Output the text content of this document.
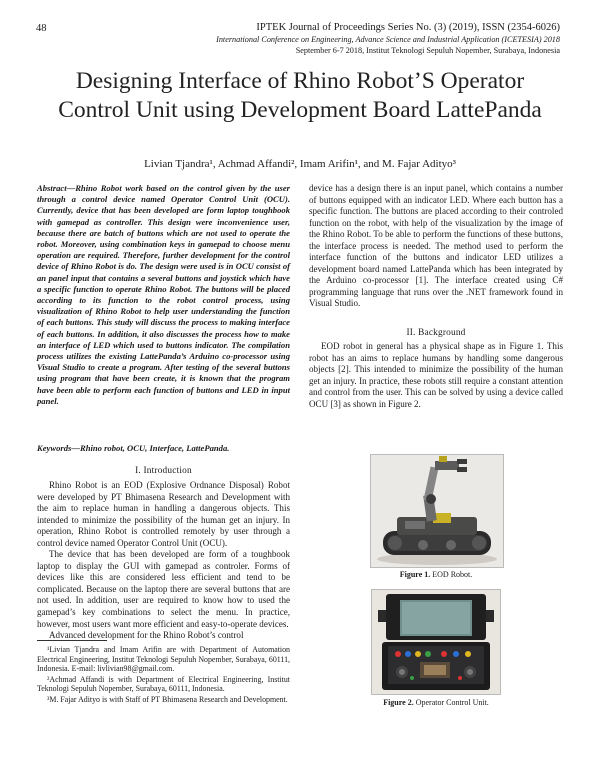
48	IPTEK Journal of Proceedings Series No. (3) (2019), ISSN (2354-6026)
International Conference on Engineering, Advance Science and Industrial Application (ICETESIA) 2018
September 6-7 2018, Institut Teknologi Sepuluh Nopember, Surabaya, Indonesia
Designing Interface of Rhino Robot’S Operator Control Unit using Development Board LattePanda
Livian Tjandra¹, Achmad Affandi², Imam Arifin¹, and M. Fajar Adityo³
Abstract—Rhino Robot work based on the control given by the user through a control device named Operator Control Unit (OCU). Currently, device that has been developed are form laptop toughbook with gamepad as controller. This design were inconvenience user, because there are batch of buttons which are not used to operate the robot. Moreover, using combination keys in gamepad to choose menu operation are required. Therefore, further development for the control device of Rhino Robot is do. The design were used is in OCU consist of an panel input that contains a several buttons and joystick which have a specific function to operate Rhino Robot. The buttons will be placed according to its function to the robot control process, using visualization of Rhino Robot to help user understanding the function of each buttons. This study will discuss the process to making interface of each buttons. In addition, it also discusses the process how to make an interface of LED which used to buttons indicator. The compilation process utilizes the existing LattePanda’s Arduino co-processor using Visual Studio to create a program. After testing of the several buttons using program that have been create, it is known that the program have been able to perform each function of buttons and LED in input panel.
Keywords—Rhino robot, OCU, Interface, LattePanda.
I. Introduction

Rhino Robot is an EOD (Explosive Ordnance Disposal) Robot were developed by PT Bhimasena Research and Development with the aim to replace human in handling a dangerous objects. This intended to minimize the possibility of the human get an injury. In operation, Rhino Robot is controlled remotely by user through a control device named Operator Control Unit (OCU).

The device that has been developed are form of a toughbook laptop to display the GUI with gamepad as controler. Forms of devices like this are considered less efficient and tend to be complicated. Because on the laptop there are several buttons that are not used. In addition, user are required to know how to used the gamepad’s key combinations to select the menu. In practice, however, most users want more efficient and easy-to-operate devices.

Advanced development for the Rhino Robot’s control

¹Livian Tjandra and Imam Arifin are with Department of Automation Electrical Engineering, Institut Teknologi Sepuluh Nopember, Surabaya, 60111, Indonesia. E-mail: livlivian98@gmail.com.

²Achmad Affandi is with Department of Electrical Engineering, Institut Teknologi Sepuluh Nopember, Surabaya, 60111, Indonesia.

³M. Fajar Adityo is with Staff of PT Bhimasena Research and Development.

device has a design there is an input panel, which contains a number of buttons equipped with an indicator LED. Where each button has a specific function. The buttons are placed according to their controled function on the robot, with help of the visualization by the image of the Rhino Robot. To be able to perform the functions of these buttons, the interface process is needed. The method used to perform the interface function of the buttons and indicator LED utilizes a development board named LattePanda which has been integrated by the Arduino co-processor [1]. The interface created using C# programming language that runs over the .NET framework found in Visual Studio.
II. Background

EOD robot in general has a physical shape as in Figure 1. This robot has an aims to replace humans by handling some dangerous objects [2]. This intended to minimize the possibility of the human get an injury. In practice, these robots still require a constant attention and control from the user. This can be solved by using a device called OCU [3] as shown in Figure 2.

Figure 1. EOD Robot.
Figure 2. Operator Control Unit.
